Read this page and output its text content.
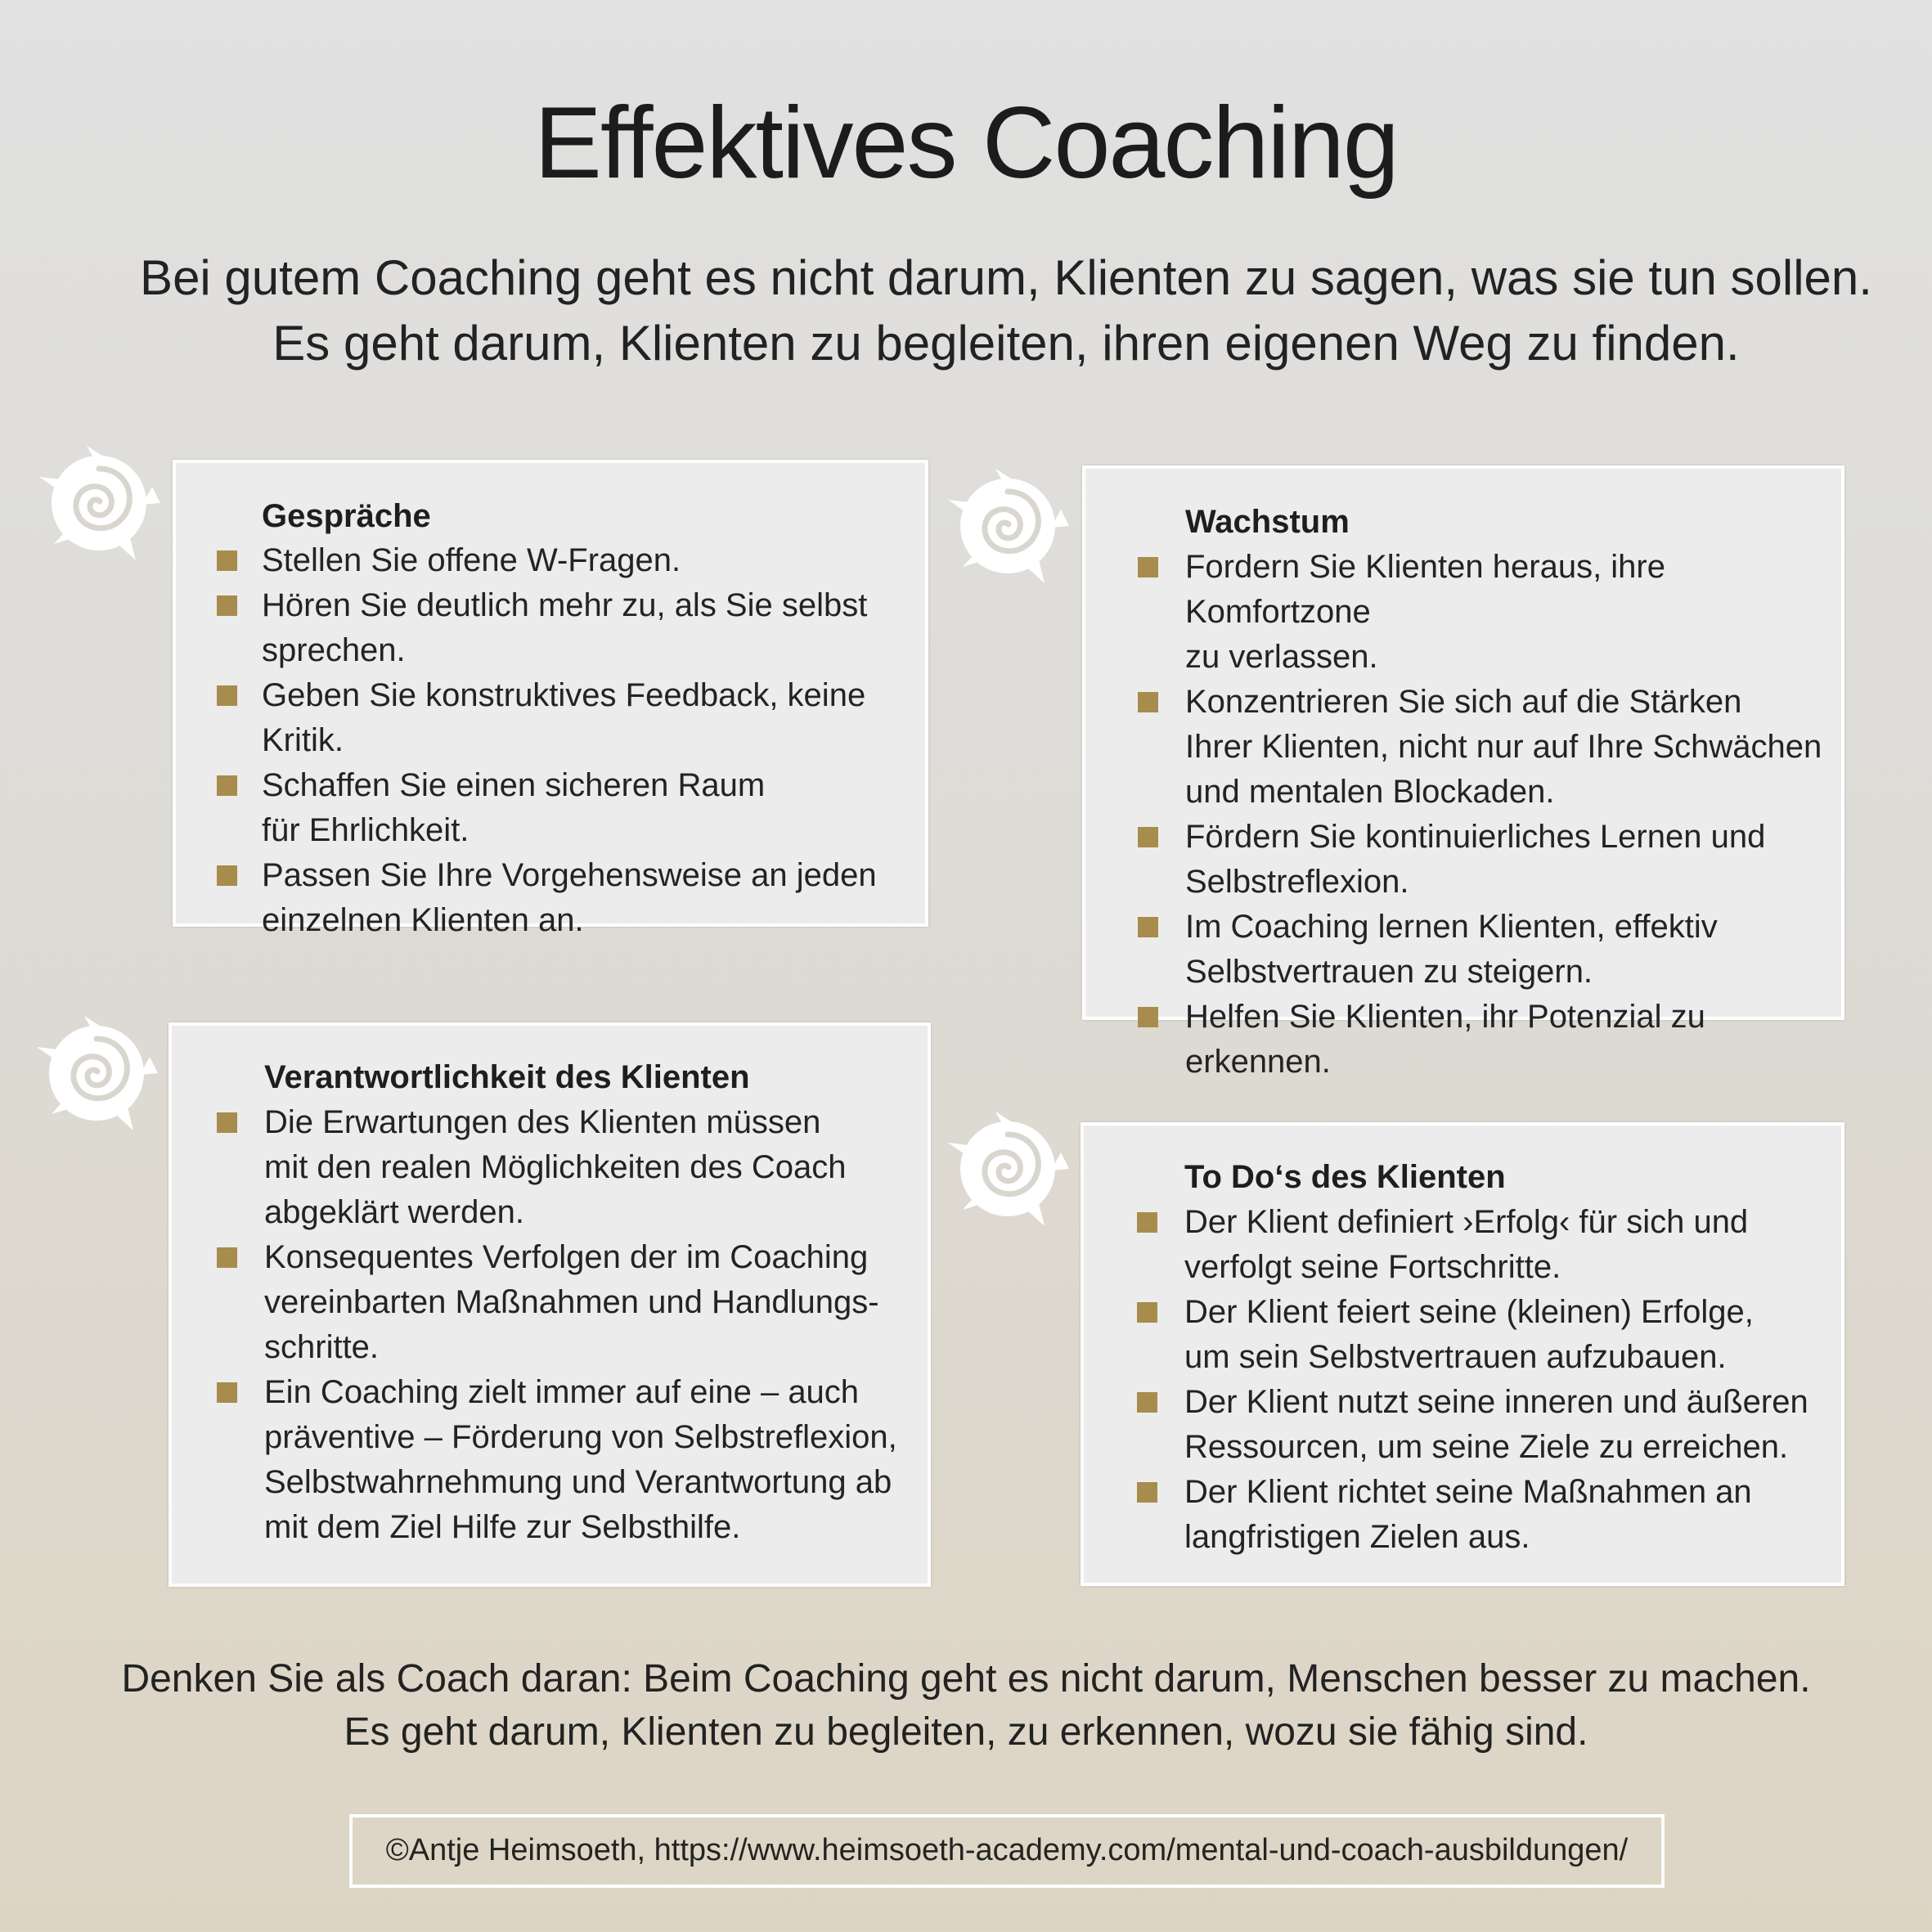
Effektives Coaching
Bei gutem Coaching geht es nicht darum, Klienten zu sagen, was sie tun sollen.
Es geht darum, Klienten zu begleiten, ihren eigenen Weg zu finden.
Gespräche
Stellen Sie offene W-Fragen.
Hören Sie deutlich mehr zu, als Sie selbst
sprechen.
Geben Sie konstruktives Feedback, keine Kritik.
Schaffen Sie einen sicheren Raum
für Ehrlichkeit.
Passen Sie Ihre Vorgehensweise an jeden
einzelnen Klienten an.
Wachstum
Fordern Sie Klienten heraus, ihre Komfortzone
zu verlassen.
Konzentrieren Sie sich auf die Stärken
Ihrer Klienten, nicht nur auf Ihre Schwächen
und mentalen Blockaden.
Fördern Sie kontinuierliches Lernen und
Selbstreflexion.
Im Coaching lernen Klienten, effektiv
Selbstvertrauen zu steigern.
Helfen Sie Klienten, ihr Potenzial zu erkennen.
Verantwortlichkeit des Klienten
Die Erwartungen des Klienten müssen
mit den realen Möglichkeiten des Coach
abgeklärt werden.
Konsequentes Verfolgen der im Coaching
vereinbarten Maßnahmen und Handlungs-
schritte.
Ein Coaching zielt immer auf eine – auch
präventive – Förderung von Selbstreflexion,
Selbstwahrnehmung und Verantwortung ab
mit dem Ziel Hilfe zur Selbsthilfe.
To Do‘s des Klienten
Der Klient definiert ›Erfolg‹ für sich und
verfolgt seine Fortschritte.
Der Klient feiert seine (kleinen) Erfolge,
um sein Selbstvertrauen aufzubauen.
Der Klient nutzt seine inneren und äußeren
Ressourcen, um seine Ziele zu erreichen.
Der Klient richtet seine Maßnahmen an
langfristigen Zielen aus.
Denken Sie als Coach daran: Beim Coaching geht es nicht darum, Menschen besser zu machen.
Es geht darum, Klienten zu begleiten, zu erkennen, wozu sie fähig sind.
©Antje Heimsoeth, https://www.heimsoeth-academy.com/mental-und-coach-ausbildungen/
